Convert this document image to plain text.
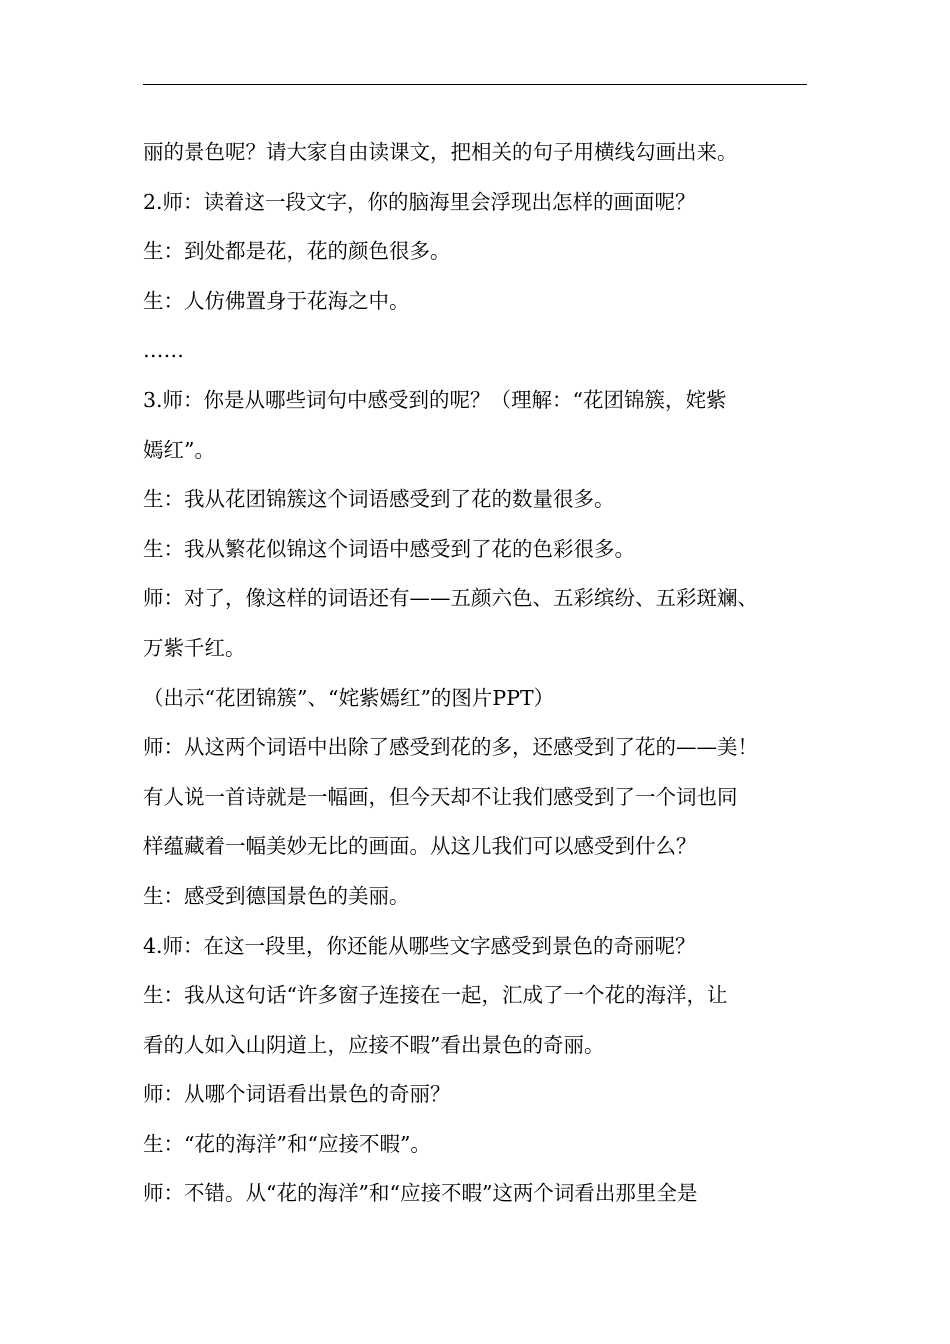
丽的景色呢？请大家自由读课文，把相关的句子用横线勾画出来。
2.师：读着这一段文字，你的脑海里会浮现出怎样的画面呢？
生：到处都是花，花的颜色很多。
生：人仿佛置身于花海之中。
……
3.师：你是从哪些词句中感受到的呢？（理解：“花团锦簇，姹紫
嫣红”。
生：我从花团锦簇这个词语感受到了花的数量很多。
生：我从繁花似锦这个词语中感受到了花的色彩很多。
师：对了，像这样的词语还有——五颜六色、五彩缤纷、五彩斑斓、
万紫千红。
（出示“花团锦簇”、“姹紫嫣红”的图片PPT）
师：从这两个词语中出除了感受到花的多，还感受到了花的——美！
有人说一首诗就是一幅画，但今天却不让我们感受到了一个词也同
样蕴藏着一幅美妙无比的画面。从这儿我们可以感受到什么？
生：感受到德国景色的美丽。
4.师：在这一段里，你还能从哪些文字感受到景色的奇丽呢？
生：我从这句话“许多窗子连接在一起，汇成了一个花的海洋，让
看的人如入山阴道上，应接不暇”看出景色的奇丽。
师：从哪个词语看出景色的奇丽？
生：“花的海洋”和“应接不暇”。
师：不错。从“花的海洋”和“应接不暇”这两个词看出那里全是
